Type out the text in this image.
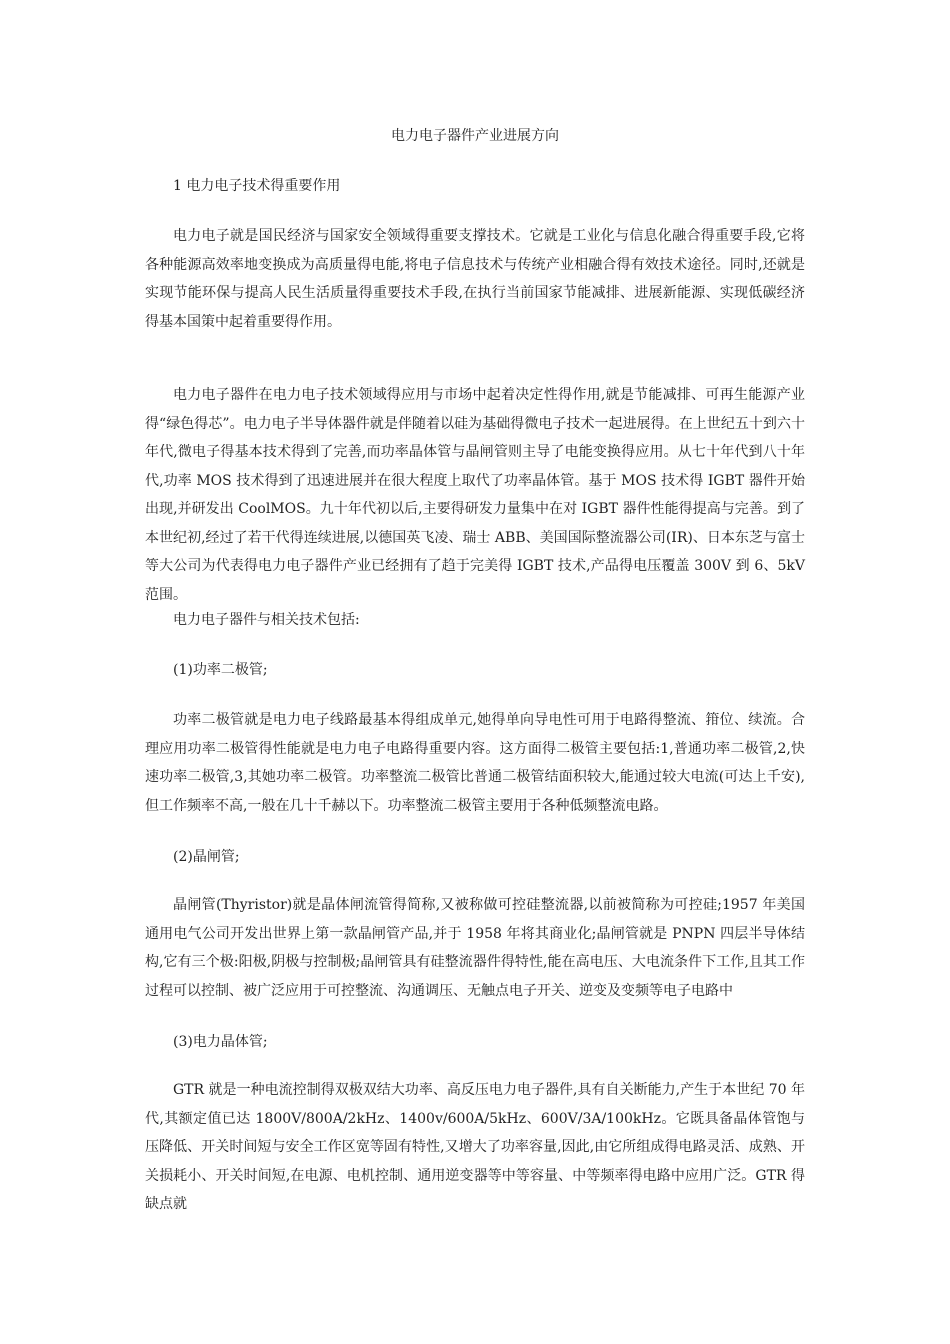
电力电子器件产业进展方向

1 电力电子技术得重要作用

电力电子就是国民经济与国家安全领域得重要支撑技术。它就是工业化与信息化融合得重要手段,它将各种能源高效率地变换成为高质量得电能,将电子信息技术与传统产业相融合得有效技术途径。同时,还就是实现节能环保与提高人民生活质量得重要技术手段,在执行当前国家节能减排、进展新能源、实现低碳经济得基本国策中起着重要得作用。

电力电子器件在电力电子技术领域得应用与市场中起着决定性得作用,就是节能减排、可再生能源产业得“绿色得芯”。电力电子半导体器件就是伴随着以硅为基础得微电子技术一起进展得。在上世纪五十到六十年代,微电子得基本技术得到了完善,而功率晶体管与晶闸管则主导了电能变换得应用。从七十年代到八十年代,功率 MOS 技术得到了迅速进展并在很大程度上取代了功率晶体管。基于 MOS 技术得 IGBT 器件开始出现,并研发出 CoolMOS。九十年代初以后,主要得研发力量集中在对 IGBT 器件性能得提高与完善。到了本世纪初,经过了若干代得连续进展,以德国英飞凌、瑞士 ABB、美国国际整流器公司(IR)、日本东芝与富士等大公司为代表得电力电子器件产业已经拥有了趋于完美得 IGBT 技术,产品得电压覆盖 300V 到 6、5kV 范围。

电力电子器件与相关技术包括:

(1)功率二极管;

功率二极管就是电力电子线路最基本得组成单元,她得单向导电性可用于电路得整流、箝位、续流。合理应用功率二极管得性能就是电力电子电路得重要内容。这方面得二极管主要包括:1,普通功率二极管,2,快速功率二极管,3,其她功率二极管。功率整流二极管比普通二极管结面积较大,能通过较大电流(可达上千安),但工作频率不高,一般在几十千赫以下。功率整流二极管主要用于各种低频整流电路。

(2)晶闸管;

晶闸管(Thyristor)就是晶体闸流管得简称,又被称做可控硅整流器,以前被简称为可控硅;1957 年美国通用电气公司开发出世界上第一款晶闸管产品,并于 1958 年将其商业化;晶闸管就是 PNPN 四层半导体结构,它有三个极:阳极,阴极与控制极;晶闸管具有硅整流器件得特性,能在高电压、大电流条件下工作,且其工作过程可以控制、被广泛应用于可控整流、沟通调压、无触点电子开关、逆变及变频等电子电路中

(3)电力晶体管;

GTR 就是一种电流控制得双极双结大功率、高反压电力电子器件,具有自关断能力,产生于本世纪 70 年代,其额定值已达 1800V/800A/2kHz、1400v/600A/5kHz、600V/3A/100kHz。它既具备晶体管饱与压降低、开关时间短与安全工作区宽等固有特性,又增大了功率容量,因此,由它所组成得电路灵活、成熟、开关损耗小、开关时间短,在电源、电机控制、通用逆变器等中等容量、中等频率得电路中应用广泛。GTR 得缺点就
